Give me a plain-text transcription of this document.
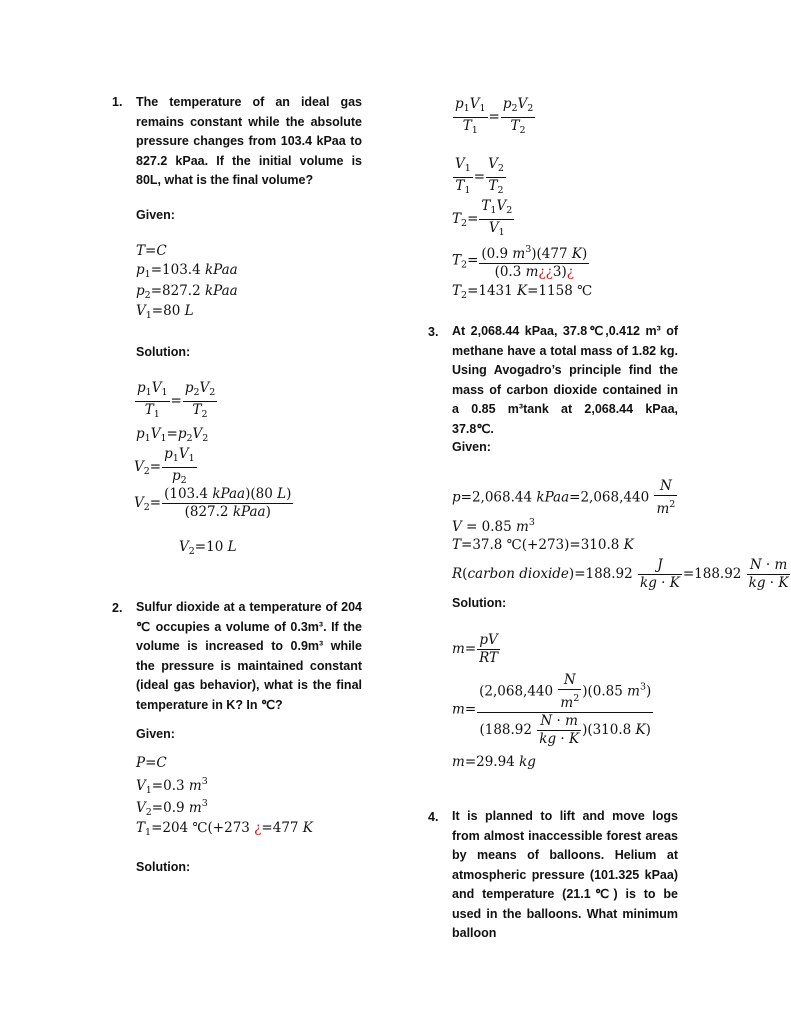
1. The temperature of an ideal gas remains constant while the absolute pressure changes from 103.4 kPaa to 827.2 kPaa. If the initial volume is 80L, what is the final volume?
Given:
T=C
$p_1=103.4$ kPaa
$p_2=827.2$ kPaa
$V_1=80$ L
Solution:
$\frac{p_1V_1}{T_1} = \frac{p_2V_2}{T_2}$
$p_1V_1=p_2V_2$
$V_2= \frac{p_1V_1}{p_2}$
$V_2= \frac{\text{(103.4 kPaa)(80 L)}}{\text{(827.2 kPaa)}}$
$V_2=10$ L
2. Sulfur dioxide at a temperature of 204 ℃ occupies a volume of 0.3m³. If the volume is increased to 0.9m³ while the pressure is maintained constant (ideal gas behavior), what is the final temperature in K? In ℃?
Given:
P=C
$V_1=0.3$ $m^3$
$V_2=0.9$ $m^3$
$T_1=204$ ℃(+273 ¿=477 K
Solution:
$\frac{p_1V_1}{T_1} = \frac{p_2V_2}{T_2}$
$\frac{V_1}{T_1} = \frac{V_2}{T_2}$
$T_2= \frac{T_1V_2}{V_1}$
$T_2= \frac{(0.9 m^3)(477 K)}{(0.3 m¿¿3)¿}$
$T_2=1431$ K=1158 ℃
3. At 2,068.44 kPaa, 37.8℃,0.412 m³ of methane have a total mass of 1.82 kg. Using Avogadro’s principle find the mass of carbon dioxide contained in a 0.85 m³tank at 2,068.44 kPaa, 37.8℃.
Given:
p=2,068.44 kPaa=2,068,440 $\frac{N}{m^2}$
V = 0.85 $m^3$
T=37.8 ℃(+273)=310.8 K
R(carbon dioxide)=188.92 $\frac{J}{kg \cdot K} =188.92 \frac{N \cdot m}{kg \cdot K}$
Solution:
$m= \frac{pV}{RT}$
$m= \frac{(2,068,440 \frac{N}{m^2} )(0.85 m^3)}{(188.92 \frac{N \cdot m}{kg \cdot K} )(310.8 K)}$
m=29.94 kg
4. It is planned to lift and move logs from almost inaccessible forest areas by means of balloons. Helium at atmospheric pressure (101.325 kPaa) and temperature (21.1℃) is to be used in the balloons. What minimum balloon
